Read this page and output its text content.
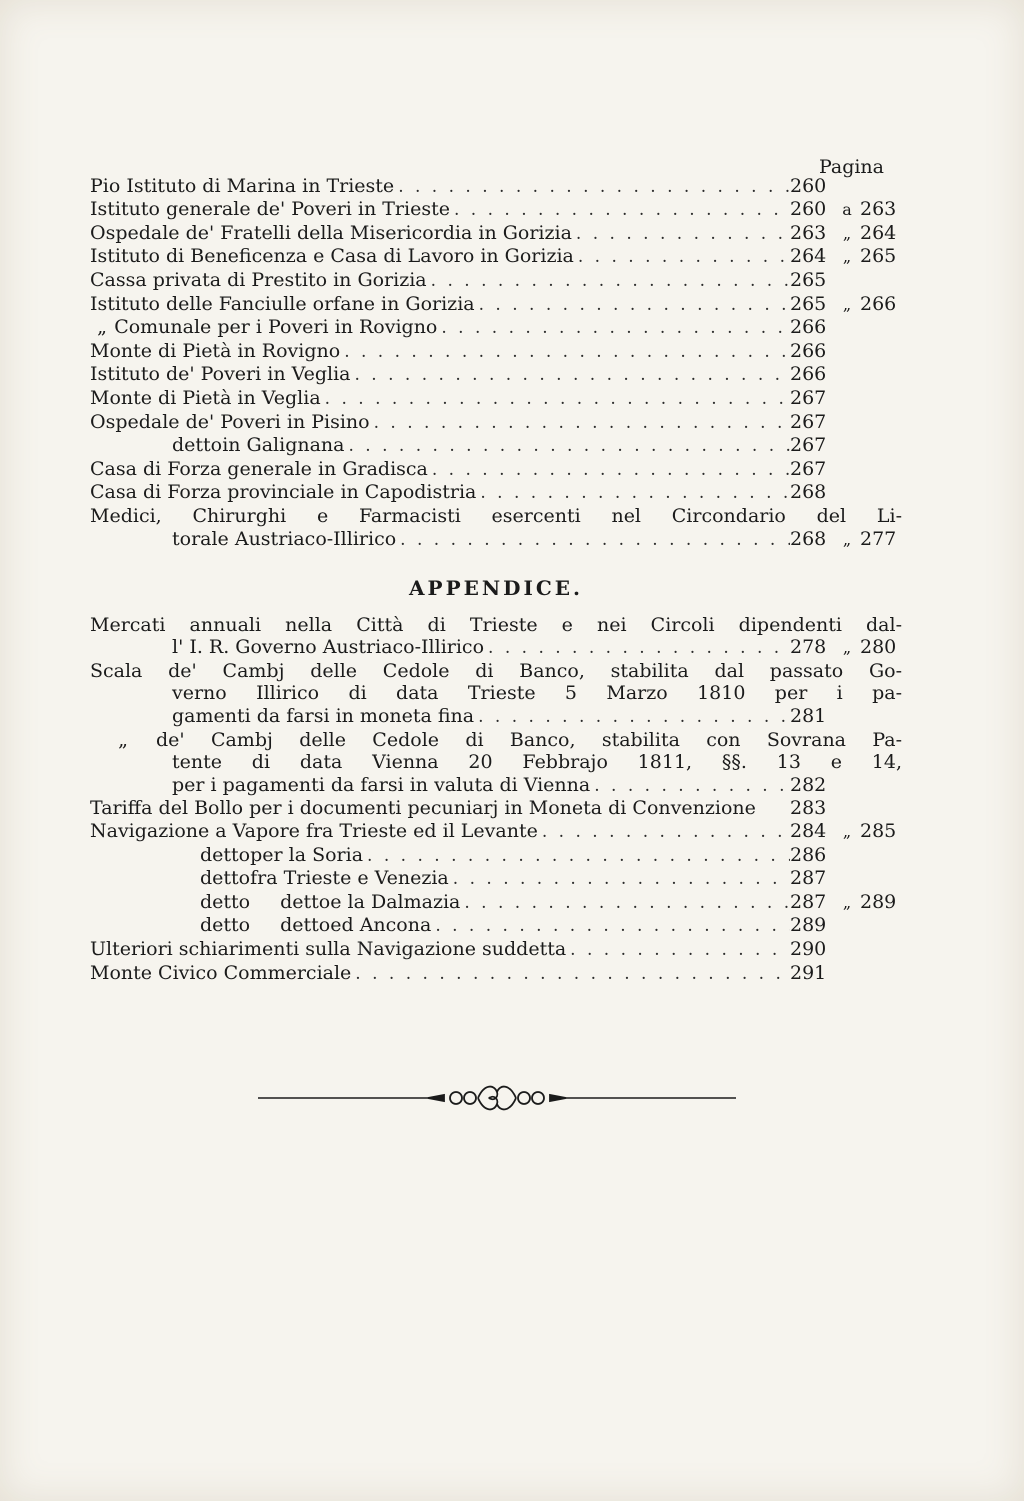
Pagina
Pio Istituto di Marina in Trieste . . .	260
Istituto generale de' Poveri in Trieste . . .	260 a 263
Ospedale de' Fratelli della Misericordia in Gorizia . . .	263	„ 264
Istituto di Beneficenza e Casa di Lavoro in Gorizia . . .	264	„ 265
Cassa privata di Prestito in Gorizia . . .	265
Istituto delle Fanciulle orfane in Gorizia . . .	265	„ 266
„ Comunale per i Poveri in Rovigno . . .	266
Monte di Pietà in Rovigno . . .	266
Istituto de' Poveri in Veglia . . .	266
Monte di Pietà in Veglia . . .	267
Ospedale de' Poveri in Pisino . . .	267
detto in Galignana . . .	267
Casa di Forza generale in Gradisca . . .	267
Casa di Forza provinciale in Capodistria . . .	268
Medici, Chirurghi e Farmacisti esercenti nel Circondario del Li-
torale Austriaco-Illirico . . .	268	„ 277
APPENDICE.
Mercati annuali nella Città di Trieste e nei Circoli dipendenti dal-
l' I. R. Governo Austriaco-Illirico . . .	278	„ 280
Scala de' Cambj delle Cedole di Banco, stabilita dal passato Go-
verno Illirico di data Trieste 5 Marzo 1810 per i pa-
gamenti da farsi in moneta fina . . .	281
„	de' Cambj delle Cedole di Banco, stabilita con Sovrana Pa-
tente di data Vienna 20 Febbrajo 1811, §§. 13 e 14,
per i pagamenti da farsi in valuta di Vienna . . .	282
Tariffa del Bollo per i documenti pecuniarj in Moneta di Convenzione 283
Navigazione a Vapore fra Trieste ed il Levante . . .	284	„ 285
detto per la Soria . . .	286
detto fra Trieste e Venezia . . .	287
detto	detto e la Dalmazia . . .	287	„ 289
detto	detto ed Ancona . . .	289
Ulteriori schiarimenti sulla Navigazione suddetta . . .	290
Monte Civico Commerciale . . .	291
